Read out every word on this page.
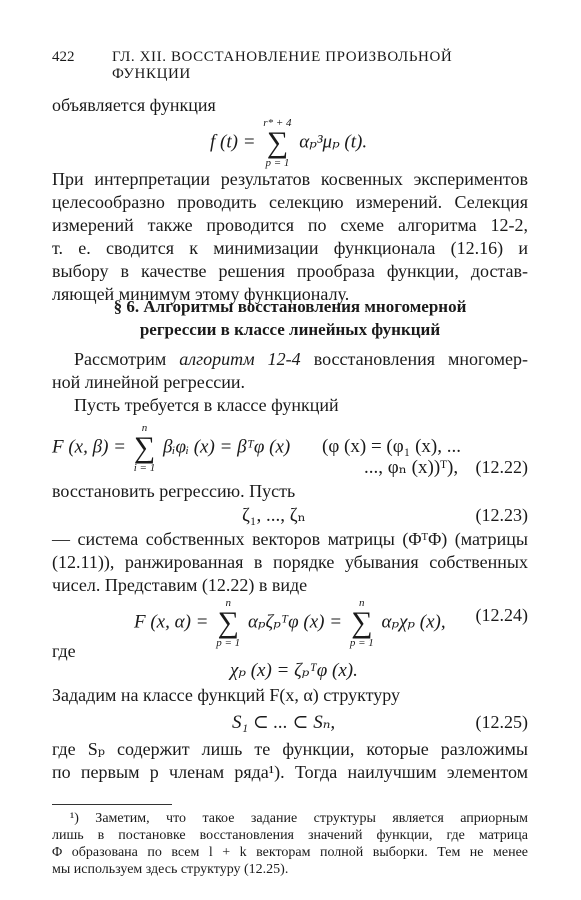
422	ГЛ. XII. ВОССТАНОВЛЕНИЕ ПРОИЗВОЛЬНОЙ ФУНКЦИИ
объявляется функция
f (t) =
r* + 4
∑
p = 1
αₚ³μₚ (t).
При интерпретации результатов косвенных экспериментов
целесообразно проводить селекцию измерений. Селекция
измерений также проводится по схеме алгоритма 12-2,
т. е. сводится к минимизации функционала (12.16) и
выбору в качестве решения прообраза функции, достав-
ляющей минимум этому функционалу.
§ 6. Алгоритмы восстановления многомерной
регрессии в классе линейных функций
Рассмотрим алгоритм 12-4 восстановления многомер-
ной линейной регрессии.
Пусть требуется в классе функций
F (x, β) =
n
∑
i = 1
βᵢφᵢ (x) = βᵀφ (x) (φ (x) = (φ₁ (x), ...
..., φₙ (x))ᵀ), (12.22)
восстановить регрессию. Пусть
ζ₁, ..., ζₙ	(12.23)
— система собственных векторов матрицы (ΦᵀΦ) (матрицы
(12.11)), ранжированная в порядке убывания собственных
чисел. Представим (12.22) в виде
F (x, α) =
n
∑
p = 1
αₚζₚᵀφ (x) =
n
∑
p = 1
αₚχₚ (x), (12.24)
где
χₚ (x) = ζₚᵀφ (x).
Зададим на классе функций F(x, α) структуру
S₁ ⊂ ... ⊂ Sₙ,	(12.25)
где Sₚ содержит лишь те функции, которые разложимы
по первым p членам ряда¹). Тогда наилучшим элементом
¹) Заметим, что такое задание структуры является априорным
лишь в постановке восстановления значений функции, где матрица
Φ образована по всем l + k векторам полной выборки. Тем не менее
мы используем здесь структуру (12.25).
